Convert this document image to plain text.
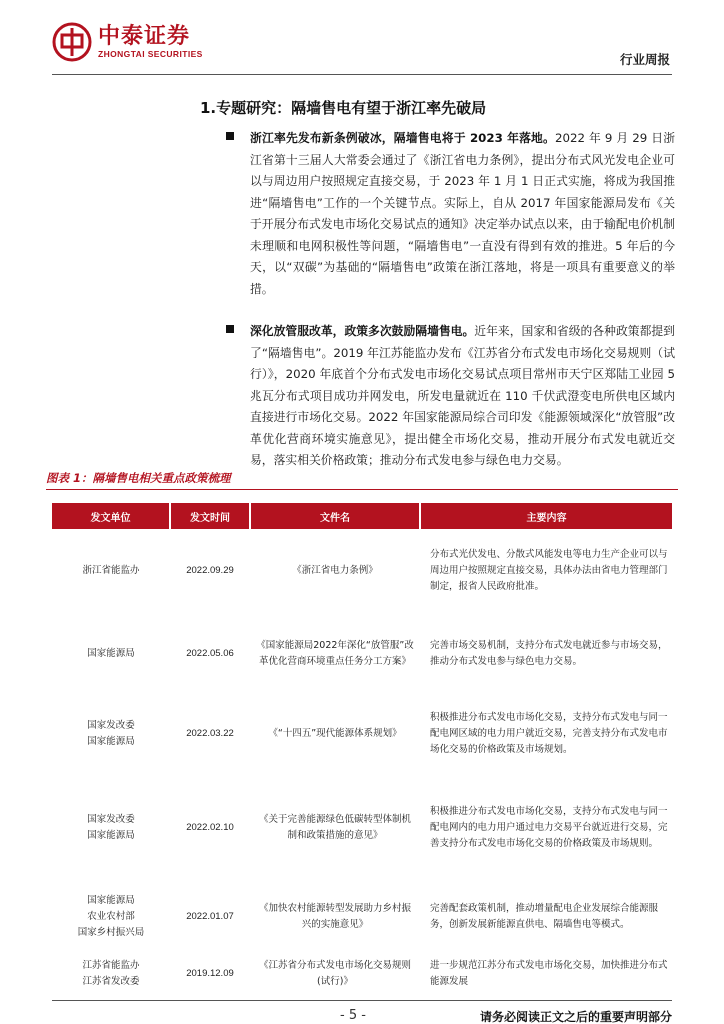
中泰证券
ZHONGTAI SECURITIES	行业周报
1.专题研究：隔墙售电有望于浙江率先破局

浙江率先发布新条例破冰，隔墙售电将于 2023 年落地。2022 年 9 月 29 日浙江省第十三届人大常委会通过了《浙江省电力条例》，提出分布式风光发电企业可以与周边用户按照规定直接交易，于 2023 年 1 月 1 日正式实施，将成为我国推进“隔墙售电”工作的一个关键节点。实际上，自从 2017 年国家能源局发布《关于开展分布式发电市场化交易试点的通知》决定举办试点以来，由于输配电价机制未理顺和电网积极性等问题，“隔墙售电”一直没有得到有效的推进。5 年后的今天，以“双碳”为基础的“隔墙售电”政策在浙江落地，将是一项具有重要意义的举措。

深化放管服改革，政策多次鼓励隔墙售电。近年来，国家和省级的各种政策都提到了“隔墙售电”。2019 年江苏能监办发布《江苏省分布式发电市场化交易规则（试行）》，2020 年底首个分布式发电市场化交易试点项目常州市天宁区郑陆工业园 5 兆瓦分布式项目成功并网发电，所发电量就近在 110 千伏武澄变电所供电区域内直接进行市场化交易。2022 年国家能源局综合司印发《能源领域深化“放管服”改革优化营商环境实施意见》，提出健全市场化交易，推动开展分布式发电就近交易，落实相关价格政策；推动分布式发电参与绿色电力交易。

图表 1：隔墙售电相关重点政策梳理
发文单位	发文时间	文件名	主要内容

浙江省能监办	2022.09.29	《浙江省电力条例》	分布式光伏发电、分散式风能发电等电力生产企业可以与周边用户按照规定直接交易，具体办法由省电力管理部门制定，报省人民政府批准。

国家能源局	2022.05.06	《国家能源局2022年深化“放管服”改革优化营商环境重点任务分工方案》	完善市场交易机制，支持分布式发电就近参与市场交易，推动分布式发电参与绿色电力交易。

国家发改委
国家能源局	2022.03.22	《“十四五”现代能源体系规划》	积极推进分布式发电市场化交易，支持分布式发电与同一配电网区域的电力用户就近交易，完善支持分布式发电市场化交易的价格政策及市场规划。

国家发改委
国家能源局	2022.02.10	《关于完善能源绿色低碳转型体制机制和政策措施的意见》	积极推进分布式发电市场化交易，支持分布式发电与同一配电网内的电力用户通过电力交易平台就近进行交易，完善支持分布式发电市场化交易的价格政策及市场规则。

国家能源局
农业农村部
国家乡村振兴局	2022.01.07	《加快农村能源转型发展助力乡村振兴的实施意见》	完善配套政策机制，推动增量配电企业发展综合能源服务，创新发展新能源直供电、隔墙售电等模式。

江苏省能监办
江苏省发改委	2019.12.09	《江苏省分布式发电市场化交易规则(试行)》	进一步规范江苏分布式发电市场化交易，加快推进分布式能源发展
- 5 -	请务必阅读正文之后的重要声明部分
